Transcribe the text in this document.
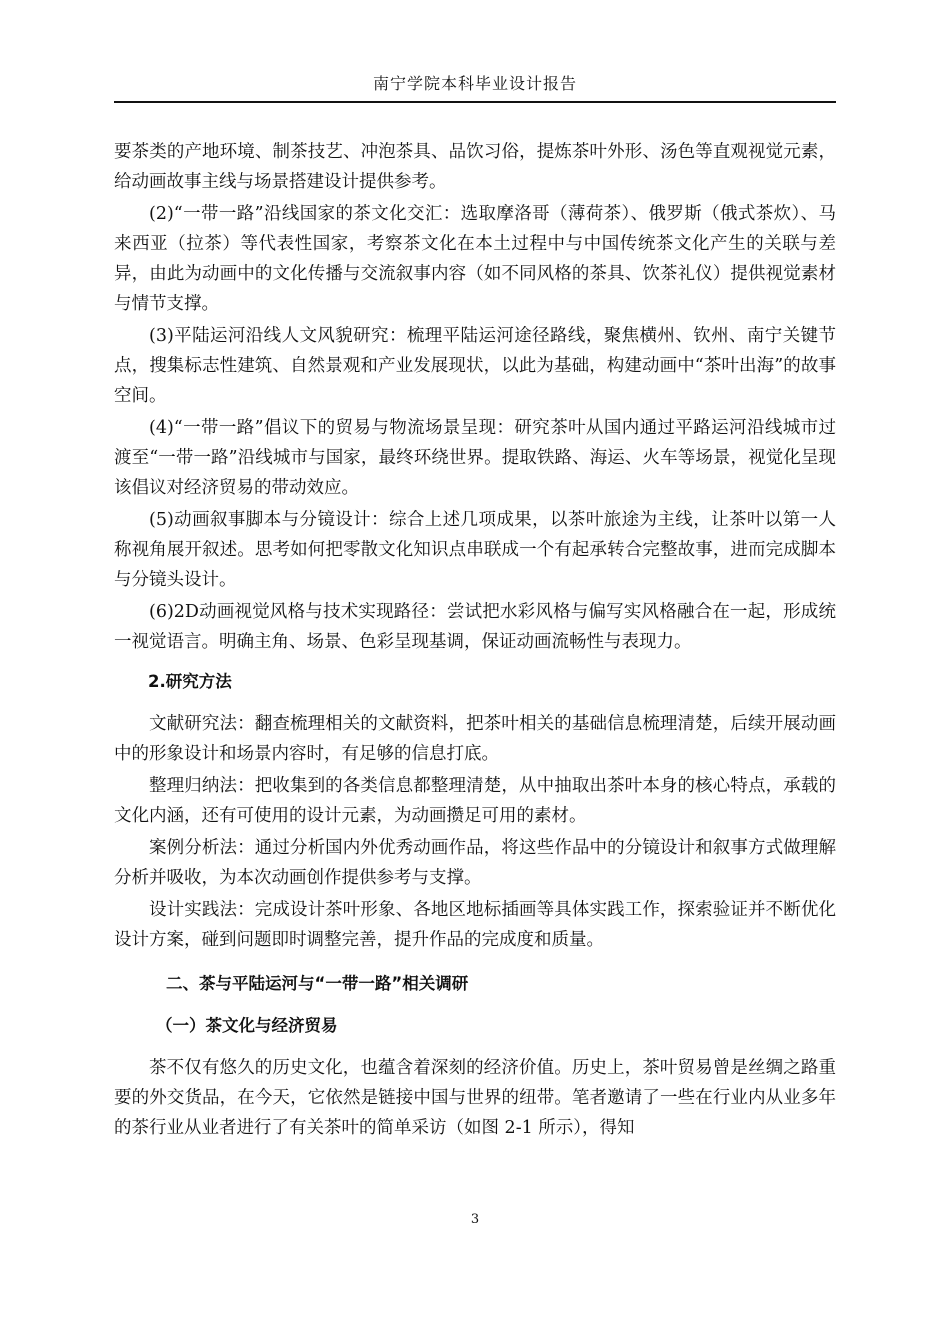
南宁学院本科毕业设计报告

要茶类的产地环境、制茶技艺、冲泡茶具、品饮习俗，提炼茶叶外形、汤色等直观视觉元素，给动画故事主线与场景搭建设计提供参考。

(2)“一带一路”沿线国家的茶文化交汇：选取摩洛哥（薄荷茶）、俄罗斯（俄式茶炊）、马来西亚（拉茶）等代表性国家，考察茶文化在本土过程中与中国传统茶文化产生的关联与差异，由此为动画中的文化传播与交流叙事内容（如不同风格的茶具、饮茶礼仪）提供视觉素材与情节支撑。

(3)平陆运河沿线人文风貌研究：梳理平陆运河途径路线，聚焦横州、钦州、南宁关键节点，搜集标志性建筑、自然景观和产业发展现状，以此为基础，构建动画中“茶叶出海”的故事空间。

(4)“一带一路”倡议下的贸易与物流场景呈现：研究茶叶从国内通过平路运河沿线城市过渡至“一带一路”沿线城市与国家，最终环绕世界。提取铁路、海运、火车等场景，视觉化呈现该倡议对经济贸易的带动效应。

(5)动画叙事脚本与分镜设计：综合上述几项成果，以茶叶旅途为主线，让茶叶以第一人称视角展开叙述。思考如何把零散文化知识点串联成一个有起承转合完整故事，进而完成脚本与分镜头设计。

(6)2D动画视觉风格与技术实现路径：尝试把水彩风格与偏写实风格融合在一起，形成统一视觉语言。明确主角、场景、色彩呈现基调，保证动画流畅性与表现力。

2.研究方法

文献研究法：翻查梳理相关的文献资料，把茶叶相关的基础信息梳理清楚，后续开展动画中的形象设计和场景内容时，有足够的信息打底。

整理归纳法：把收集到的各类信息都整理清楚，从中抽取出茶叶本身的核心特点，承载的文化内涵，还有可使用的设计元素，为动画攒足可用的素材。

案例分析法：通过分析国内外优秀动画作品，将这些作品中的分镜设计和叙事方式做理解分析并吸收，为本次动画创作提供参考与支撑。

设计实践法：完成设计茶叶形象、各地区地标插画等具体实践工作，探索验证并不断优化设计方案，碰到问题即时调整完善，提升作品的完成度和质量。

二、茶与平陆运河与“一带一路”相关调研
（一）茶文化与经济贸易

茶不仅有悠久的历史文化，也蕴含着深刻的经济价值。历史上，茶叶贸易曾是丝绸之路重要的外交货品，在今天，它依然是链接中国与世界的纽带。笔者邀请了一些在行业内从业多年的茶行业从业者进行了有关茶叶的简单采访（如图 2-1 所示），得知

3
